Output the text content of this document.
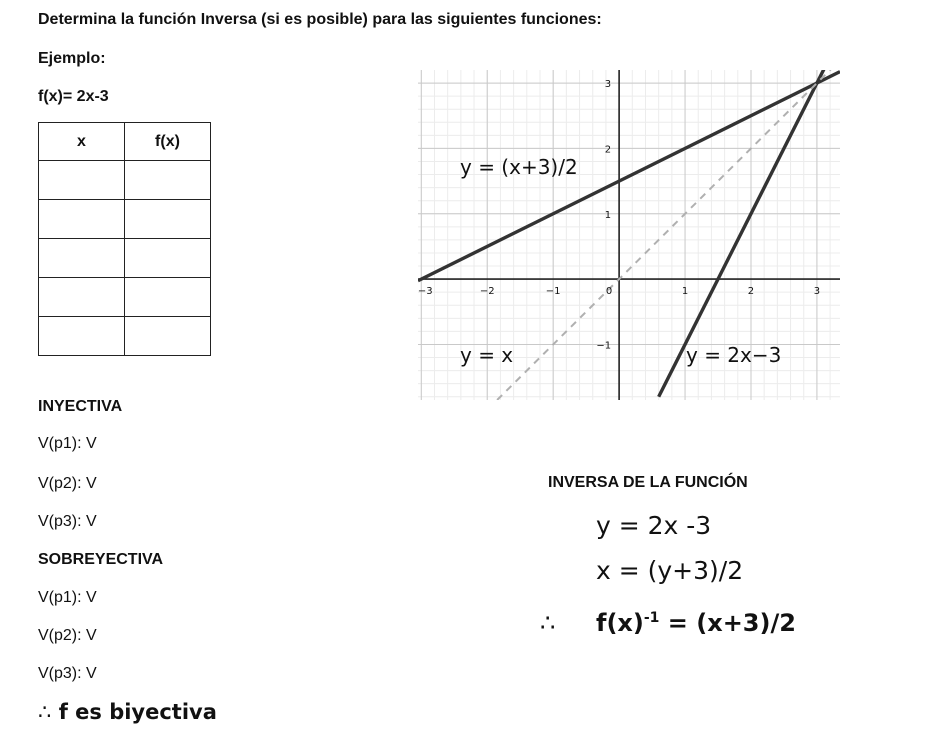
Determina la función Inversa (si es posible) para las siguientes funciones:
Ejemplo:
f(x)= 2x-3
x	f(x)

−3	−2	−1	0	1	2	3
−1
1
2
3
y = (x+3)/2
y = x	y = 2x−3
INYECTIVA
V(p1): V
V(p2): V
V(p3): V
SOBREYECTIVA
V(p1): V
V(p2): V
V(p3): V
∴ f es biyectiva
INVERSA DE LA FUNCIÓN
y = 2x -3
x = (y+3)/2
∴ $f(x)^{-1} = (x+3)/2$
